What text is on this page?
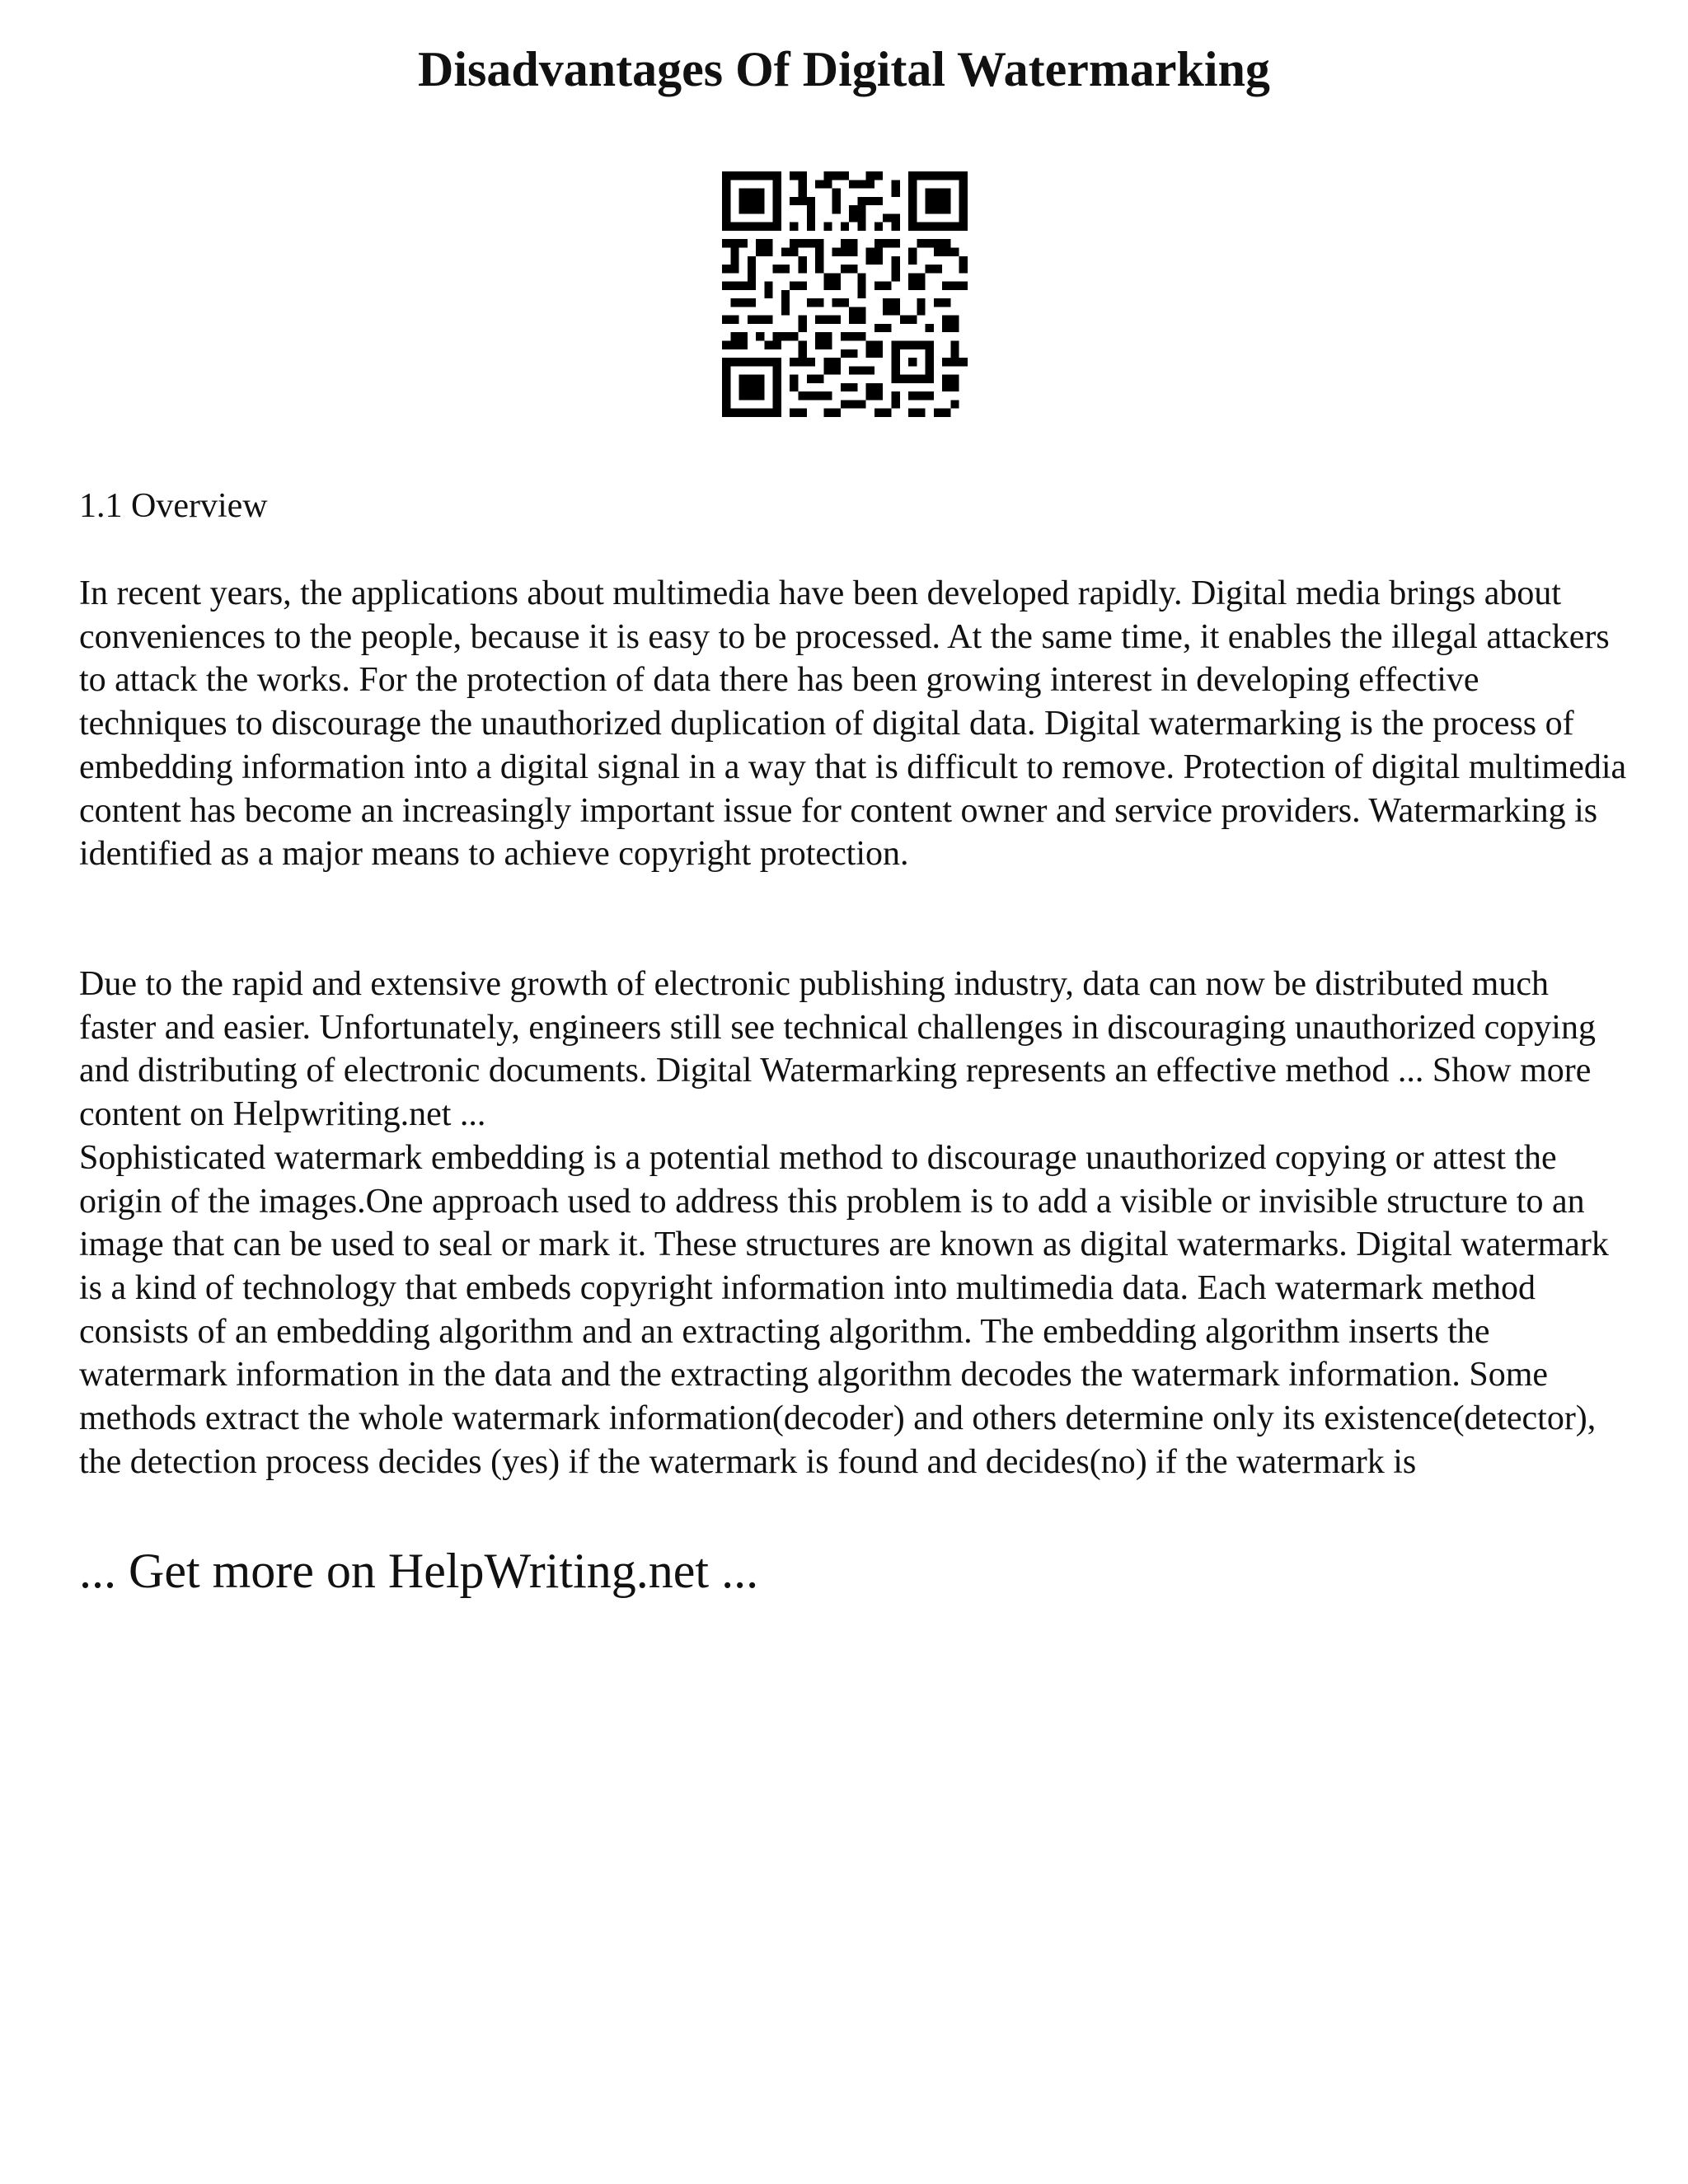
Disadvantages Of Digital Watermarking

1.1 Overview

In recent years, the applications about multimedia have been developed rapidly. Digital media brings about conveniences to the people, because it is easy to be processed. At the same time, it enables the illegal attackers to attack the works. For the protection of data there has been growing interest in developing effective techniques to discourage the unauthorized duplication of digital data. Digital watermarking is the process of embedding information into a digital signal in a way that is difficult to remove. Protection of digital multimedia content has become an increasingly important issue for content owner and service providers. Watermarking is identified as a major means to achieve copyright protection.

Due to the rapid and extensive growth of electronic publishing industry, data can now be distributed much faster and easier. Unfortunately, engineers still see technical challenges in discouraging unauthorized copying and distributing of electronic documents. Digital Watermarking represents an effective method ... Show more content on Helpwriting.net ...
Sophisticated watermark embedding is a potential method to discourage unauthorized copying or attest the origin of the images.One approach used to address this problem is to add a visible or invisible structure to an image that can be used to seal or mark it. These structures are known as digital watermarks. Digital watermark is a kind of technology that embeds copyright information into multimedia data. Each watermark method consists of an embedding algorithm and an extracting algorithm. The embedding algorithm inserts the watermark information in the data and the extracting algorithm decodes the watermark information. Some methods extract the whole watermark information(decoder) and others determine only its existence(detector), the detection process decides (yes) if the watermark is found and decides(no) if the watermark is

... Get more on HelpWriting.net ...
